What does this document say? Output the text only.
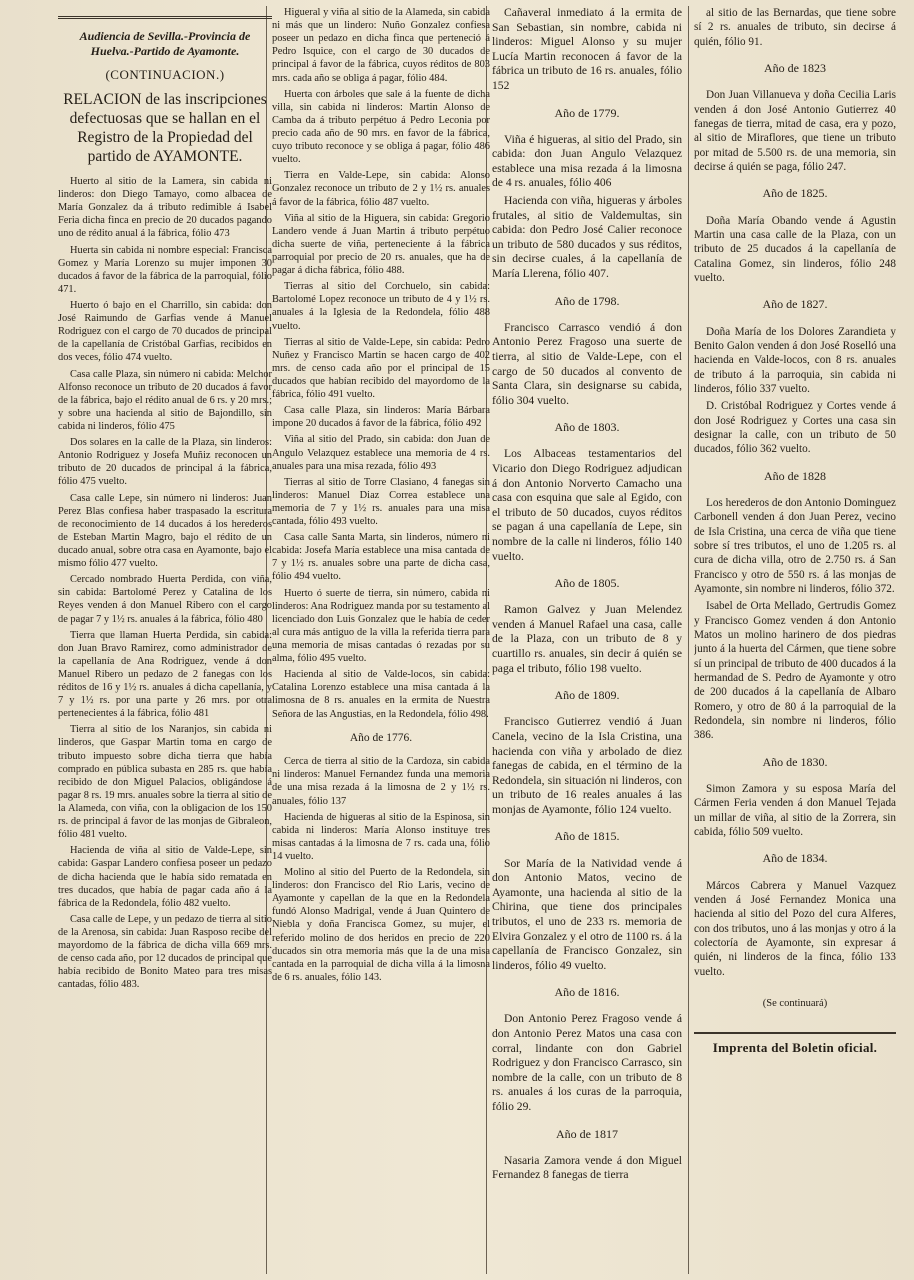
Audiencia de Sevilla.-Provincia de Huelva.-Partido de Ayamonte.
(CONTINUACION.)
RELACION de las inscripciones defectuosas que se hallan en el Registro de la Propiedad del partido de AYAMONTE.

Huerto al sitio de la Lamera, sin cabida ni linderos: don Diego Tamayo, como albacea de María Gonzalez da á tributo redimible á Isabel Feria dicha finca en precio de 20 ducados pagando uno de rédito anual á la fábrica, fólio 473

Huerta sin cabida ni nombre especial: Francisca Gomez y María Lorenzo su mujer imponen 30 ducados á favor de la fábrica de la parroquial, fólio 471.

Huerto ó bajo en el Charrillo, sin cabida: don José Raimundo de Garfias vende á Manuel Rodriguez con el cargo de 70 ducados de principal de la capellanía de Cristóbal Garfias, recibidos en dos veces, fólio 474 vuelto.

Casa calle Plaza, sin número ni cabida: Melchor Alfonso reconoce un tributo de 20 ducados á favor de la fábrica, bajo el rédito anual de 6 rs. y 20 mrs.; y sobre una hacienda al sitio de Bajondillo, sin cabida ni linderos, fólio 475

Dos solares en la calle de la Plaza, sin linderos: Antonio Rodriguez y Josefa Muñiz reconocen un tributo de 20 ducados de principal á la fábrica, fólio 475 vuelto.

Casa calle Lepe, sin número ni linderos: Juan Perez Blas confiesa haber traspasado la escritura de reconocimiento de 14 ducados á los herederos de Esteban Martin Magro, bajo el rédito de un ducado anual, sobre otra casa en Ayamonte, bajo el mismo fólio 477 vuelto.

Cercado nombrado Huerta Perdida, con viña, sin cabida: Bartolomé Perez y Catalina de los Reyes venden á don Manuel Ribero con el cargo de pagar 7 y 1½ rs. anuales á la fábrica, fólio 480

Tierra que llaman Huerta Perdida, sin cabida: don Juan Bravo Ramirez, como administrador de la capellanía de Ana Rodriguez, vende á don Manuel Ribero un pedazo de 2 fanegas con los réditos de 16 y 1½ rs. anuales á dicha capellanía, y 7 y 1½ rs. por una parte y 26 mrs. por otra pertenecientes á la fábrica, fólio 481

Tierra al sitio de los Naranjos, sin cabida ni linderos, que Gaspar Martin toma en cargo de tributo impuesto sobre dicha tierra que había comprado en pública subasta en 285 rs. que había recibido de don Miguel Palacios, obligándose á pagar 8 rs. 19 mrs. anuales sobre la tierra al sitio de la Alameda, con viña, con la obligacion de los 150 rs. de principal á favor de las monjas de Gibraleon, fólio 481 vuelto.

Hacienda de viña al sitio de Valde-Lepe, sin cabida: Gaspar Landero confiesa poseer un pedazo de dicha hacienda que le había sido rematada en tres ducados, que había de pagar cada año á la fábrica de la Redondela, fólio 482 vuelto.

Casa calle de Lepe, y un pedazo de tierra al sitio de la Arenosa, sin cabida: Juan Rasposo recibe del mayordomo de la fábrica de dicha villa 669 mrs. de censo cada año, por 12 ducados de principal que había recibido de Bonito Mateo para tres misas cantadas, fólio 483.

Higueral y viña al sitio de la Alameda, sin cabida ni más que un lindero: Nuño Gonzalez confiesa poseer un pedazo en dicha finca que perteneció á Pedro Isquice, con el cargo de 30 ducados de principal á favor de la fábrica, cuyos réditos de 803 mrs. cada año se obliga á pagar, fólio 484.

Huerta con árboles que sale á la fuente de dicha villa, sin cabida ni linderos: Martin Alonso de Camba da á tributo perpétuo á Pedro Leconia por precio cada año de 90 mrs. en favor de la fábrica, cuyo tributo reconoce y se obliga á pagar, fólio 486 vuelto.

Tierra en Valde-Lepe, sin cabida: Alonso Gonzalez reconoce un tributo de 2 y 1½ rs. anuales á favor de la fábrica, fólio 487 vuelto.

Viña al sitio de la Higuera, sin cabida: Gregorio Landero vende á Juan Martin á tributo perpétuo dicha suerte de viña, perteneciente á la fábrica parroquial por precio de 20 rs. anuales, que ha de pagar á dicha fábrica, fólio 488.

Tierras al sitio del Corchuelo, sin cabida: Bartolomé Lopez reconoce un tributo de 4 y 1½ rs. anuales á la Iglesia de la Redondela, fólio 488 vuelto.

Tierras al sitio de Valde-Lepe, sin cabida: Pedro Nuñez y Francisco Martin se hacen cargo de 402 mrs. de censo cada año por el principal de 15 ducados que habían recibido del mayordomo de la fábrica, fólio 491 vuelto.

Casa calle Plaza, sin linderos: María Bárbara impone 20 ducados á favor de la fábrica, fólio 492

Viña al sitio del Prado, sin cabida: don Juan de Angulo Velazquez establece una memoria de 4 rs. anuales para una misa rezada, fólio 493

Tierras al sitio de Torre Clasiano, 4 fanegas sin linderos: Manuel Diaz Correa establece una memoria de 7 y 1½ rs. anuales para una misa cantada, fólio 493 vuelto.

Casa calle Santa Marta, sin linderos, número ni cabida: Josefa María establece una misa cantada de 7 y 1½ rs. anuales sobre una parte de dicha casa, fólio 494 vuelto.

Huerto ó suerte de tierra, sin número, cabida ni linderos: Ana Rodriguez manda por su testamento al licenciado don Luis Gonzalez que le había de ceder al cura más antiguo de la villa la referida tierra para una memoria de misas cantadas ó rezadas por su alma, fólio 495 vuelto.

Hacienda al sitio de Valde-locos, sin cabida: Catalina Lorenzo establece una misa cantada á la limosna de 8 rs. anuales en la ermita de Nuestra Señora de las Angustias, en la Redondela, fólio 498.

Año de 1776.

Cerca de tierra al sitio de la Cardoza, sin cabida ni linderos: Manuel Fernandez funda una memoria de una misa rezada á la limosna de 2 y 1½ rs. anuales, fólio 137

Hacienda de higueras al sitio de la Espinosa, sin cabida ni linderos: María Alonso instituye tres misas cantadas á la limosna de 7 rs. cada una, fólio 14 vuelto.

Molino al sitio del Puerto de la Redondela, sin linderos: don Francisco del Rio Laris, vecino de Ayamonte y capellan de la que en la Redondela fundó Alonso Madrigal, vende á Juan Quintero de Niebla y doña Francisca Gomez, su mujer, el referido molino de dos heridos en precio de 220 ducados sin otra memoria más que la de una misa cantada en la parroquial de dicha villa á la limosna de 6 rs. anuales, fólio 143.

Cañaveral inmediato á la ermita de San Sebastian, sin nombre, cabida ni linderos: Miguel Alonso y su mujer Lucía Martin reconocen á favor de la fábrica un tributo de 16 rs. anuales, fólio 152

Año de 1779.

Viña é higueras, al sitio del Prado, sin cabida: don Juan Angulo Velazquez establece una misa rezada á la limosna de 4 rs. anuales, fólio 406

Hacienda con viña, higueras y árboles frutales, al sitio de Valdemultas, sin cabida: don Pedro José Calier reconoce un tributo de 580 ducados y sus réditos, sin decirse cuales, á la capellanía de María Llerena, fólio 407.

Año de 1798.

Francisco Carrasco vendió á don Antonio Perez Fragoso una suerte de tierra, al sitio de Valde-Lepe, con el cargo de 50 ducados al convento de Santa Clara, sin designarse su cabida, fólio 304 vuelto.

Año de 1803.

Los Albaceas testamentarios del Vicario don Diego Rodriguez adjudican á don Antonio Norverto Camacho una casa con esquina que sale al Egido, con el tributo de 50 ducados, cuyos réditos se pagan á una capellanía de Lepe, sin nombre de la calle ni linderos, fólio 140 vuelto.

Año de 1805.

Ramon Galvez y Juan Melendez venden á Manuel Rafael una casa, calle de la Plaza, con un tributo de 8 y cuartillo rs. anuales, sin decir á quién se paga el tributo, fólio 198 vuelto.

Año de 1809.

Francisco Gutierrez vendió á Juan Canela, vecino de la Isla Cristina, una hacienda con viña y arbolado de diez fanegas de cabida, en el término de la Redondela, sin situación ni linderos, con un tributo de 16 reales anuales á las monjas de Ayamonte, fólio 124 vuelto.

Año de 1815.

Sor María de la Natividad vende á don Antonio Matos, vecino de Ayamonte, una hacienda al sitio de la Chirina, que tiene dos principales tributos, el uno de 233 rs. memoria de Elvira Gonzalez y el otro de 1100 rs. á la capellanía de Francisco Gonzalez, sin linderos, fólio 49 vuelto.

Año de 1816.

Don Antonio Perez Fragoso vende á don Antonio Perez Matos una casa con corral, lindante con don Gabriel Rodriguez y don Francisco Carrasco, sin nombre de la calle, con un tributo de 8 rs. anuales á los curas de la parroquia, fólio 29.

Año de 1817

Nasaria Zamora vende á don Miguel Fernandez 8 fanegas de tierra

al sitio de las Bernardas, que tiene sobre sí 2 rs. anuales de tributo, sin decirse á quién, fólio 91.

Año de 1823

Don Juan Villanueva y doña Cecilia Laris venden á don José Antonio Gutierrez 40 fanegas de tierra, mitad de casa, era y pozo, al sitio de Miraflores, que tiene un tributo por mitad de 5.500 rs. de una memoria, sin decirse á quién se paga, fólio 247.

Año de 1825.

Doña María Obando vende á Agustin Martin una casa calle de la Plaza, con un tributo de 25 ducados á la capellanía de Catalina Gomez, sin linderos, fólio 248 vuelto.

Año de 1827.

Doña María de los Dolores Zarandieta y Benito Galon venden á don José Roselló una hacienda en Valde-locos, con 8 rs. anuales de tributo á la parroquia, sin cabida ni linderos, fólio 337 vuelto.

D. Cristóbal Rodriguez y Cortes vende á don José Rodriguez y Cortes una casa sin designar la calle, con un tributo de 50 ducados, fólio 362 vuelto.

Año de 1828

Los herederos de don Antonio Dominguez Carbonell venden á don Juan Perez, vecino de Isla Cristina, una cerca de viña que tiene sobre sí tres tributos, el uno de 1.205 rs. al cura de dicha villa, otro de 2.750 rs. á San Francisco y otro de 550 rs. á las monjas de Ayamonte, sin nombre ni linderos, fólio 372.

Isabel de Orta Mellado, Gertrudis Gomez y Francisco Gomez venden á don Antonio Matos un molino harinero de dos piedras junto á la huerta del Cármen, que tiene sobre sí un principal de tributo de 400 ducados á la hermandad de S. Pedro de Ayamonte y otro de 200 ducados á la capellanía de Albaro Romero, y otro de 80 á la parroquial de la Redondela, sin nombre ni linderos, fólio 386.

Año de 1830.

Simon Zamora y su esposa María del Cármen Feria venden á don Manuel Tejada un millar de viña, al sitio de la Zorrera, sin cabida, fólio 509 vuelto.

Año de 1834.

Márcos Cabrera y Manuel Vazquez venden á José Fernandez Monica una hacienda al sitio del Pozo del cura Alferes, con dos tributos, uno á las monjas y otro á la colectoría de Ayamonte, sin expresar á quién, ni linderos de la finca, fólio 133 vuelto.

(Se continuará)
Imprenta del Boletin oficial.
